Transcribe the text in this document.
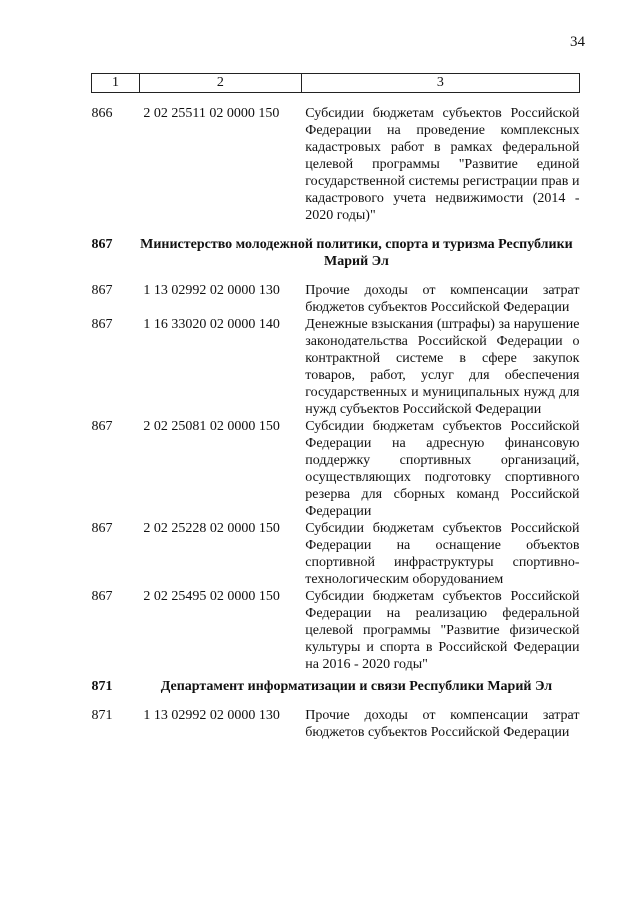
34
1	2	3
866	2 02 25511 02 0000 150	Субсидии бюджетам субъектов Российской Федерации на проведение комплексных кадастровых работ в рамках федеральной целевой программы "Развитие единой государственной системы регистрации прав и кадастрового учета недвижимости (2014 - 2020 годы)"
867	Министерство молодежной политики, спорта и туризма Республики Марий Эл	
867	1 13 02992 02 0000 130	Прочие доходы от компенсации затрат бюджетов субъектов Российской Федерации
867	1 16 33020 02 0000 140	Денежные взыскания (штрафы) за нарушение законодательства Российской Федерации о контрактной системе в сфере закупок товаров, работ, услуг для обеспечения государственных и муниципальных нужд для нужд субъектов Российской Федерации
867	2 02 25081 02 0000 150	Субсидии бюджетам субъектов Российской Федерации на адресную финансовую поддержку спортивных организаций, осуществляющих подготовку спортивного резерва для сборных команд Российской Федерации
867	2 02 25228 02 0000 150	Субсидии бюджетам субъектов Российской Федерации на оснащение объектов спортивной инфраструктуры спортивно-технологическим оборудованием
867	2 02 25495 02 0000 150	Субсидии бюджетам субъектов Российской Федерации на реализацию федеральной целевой программы "Развитие физической культуры и спорта в Российской Федерации на 2016 - 2020 годы"
871	Департамент информатизации и связи Республики Марий Эл	
871	1 13 02992 02 0000 130	Прочие доходы от компенсации затрат бюджетов субъектов Российской Федерации
